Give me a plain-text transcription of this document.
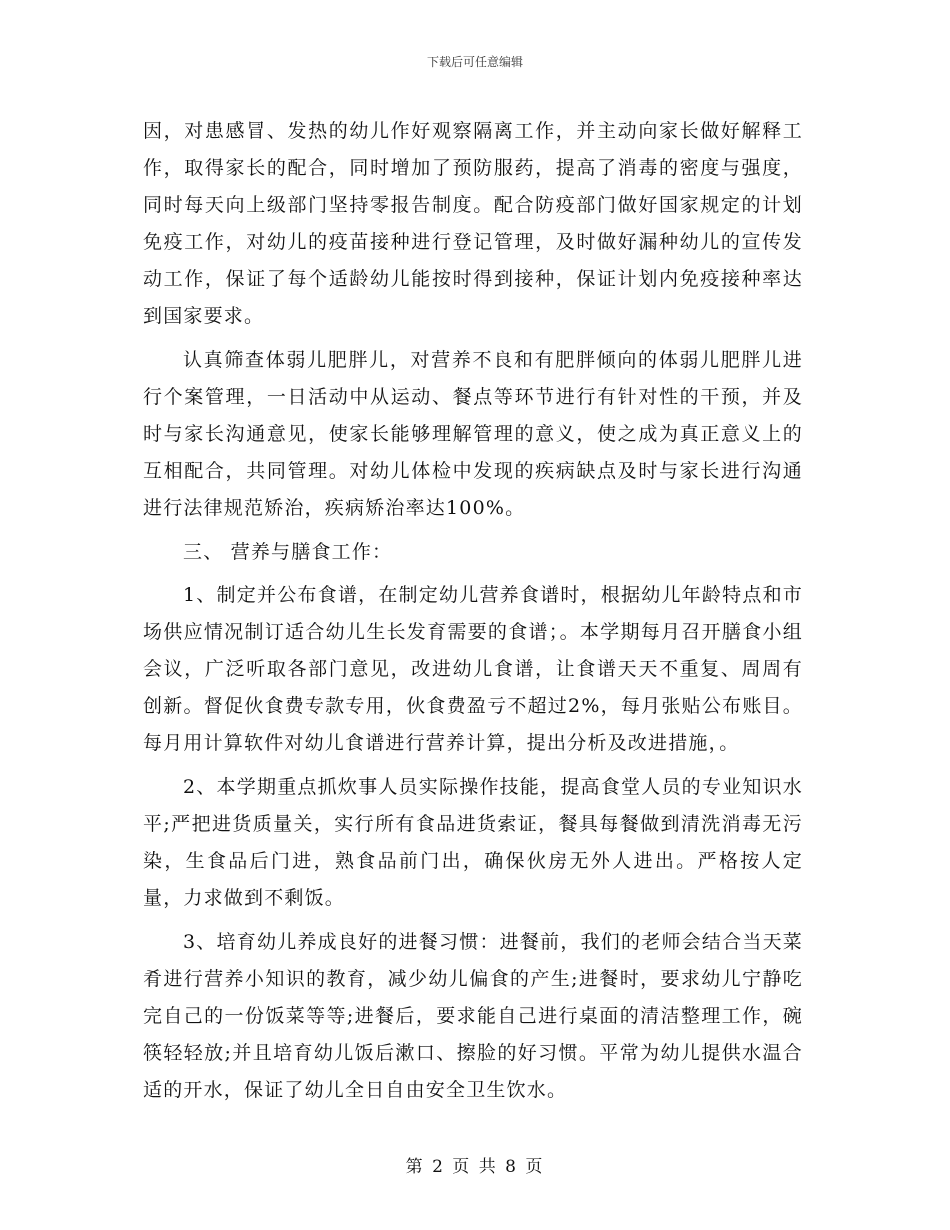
下载后可任意编辑

因，对患感冒、发热的幼儿作好观察隔离工作，并主动向家长做好解释工作，取得家长的配合，同时增加了预防服药，提高了消毒的密度与强度，同时每天向上级部门坚持零报告制度。配合防疫部门做好国家规定的计划免疫工作，对幼儿的疫苗接种进行登记管理，及时做好漏种幼儿的宣传发动工作，保证了每个适龄幼儿能按时得到接种，保证计划内免疫接种率达到国家要求。

认真筛查体弱儿肥胖儿，对营养不良和有肥胖倾向的体弱儿肥胖儿进行个案管理，一日活动中从运动、餐点等环节进行有针对性的干预，并及时与家长沟通意见，使家长能够理解管理的意义，使之成为真正意义上的互相配合，共同管理。对幼儿体检中发现的疾病缺点及时与家长进行沟通进行法律规范矫治，疾病矫治率达100%。

三、 营养与膳食工作：

1、制定并公布食谱，在制定幼儿营养食谱时，根据幼儿年龄特点和市场供应情况制订适合幼儿生长发育需要的食谱；。本学期每月召开膳食小组会议，广泛听取各部门意见，改进幼儿食谱，让食谱天天不重复、周周有创新。督促伙食费专款专用，伙食费盈亏不超过2%，每月张贴公布账目。每月用计算软件对幼儿食谱进行营养计算，提出分析及改进措施，。

2、本学期重点抓炊事人员实际操作技能，提高食堂人员的专业知识水平;严把进货质量关，实行所有食品进货索证，餐具每餐做到清洗消毒无污染，生食品后门进，熟食品前门出，确保伙房无外人进出。严格按人定量，力求做到不剩饭。

3、培育幼儿养成良好的进餐习惯：进餐前，我们的老师会结合当天菜肴进行营养小知识的教育，减少幼儿偏食的产生;进餐时，要求幼儿宁静吃完自己的一份饭菜等等;进餐后，要求能自己进行桌面的清洁整理工作，碗筷轻轻放;并且培育幼儿饭后漱口、擦脸的好习惯。平常为幼儿提供水温合适的开水，保证了幼儿全日自由安全卫生饮水。

第 2 页 共 8 页
